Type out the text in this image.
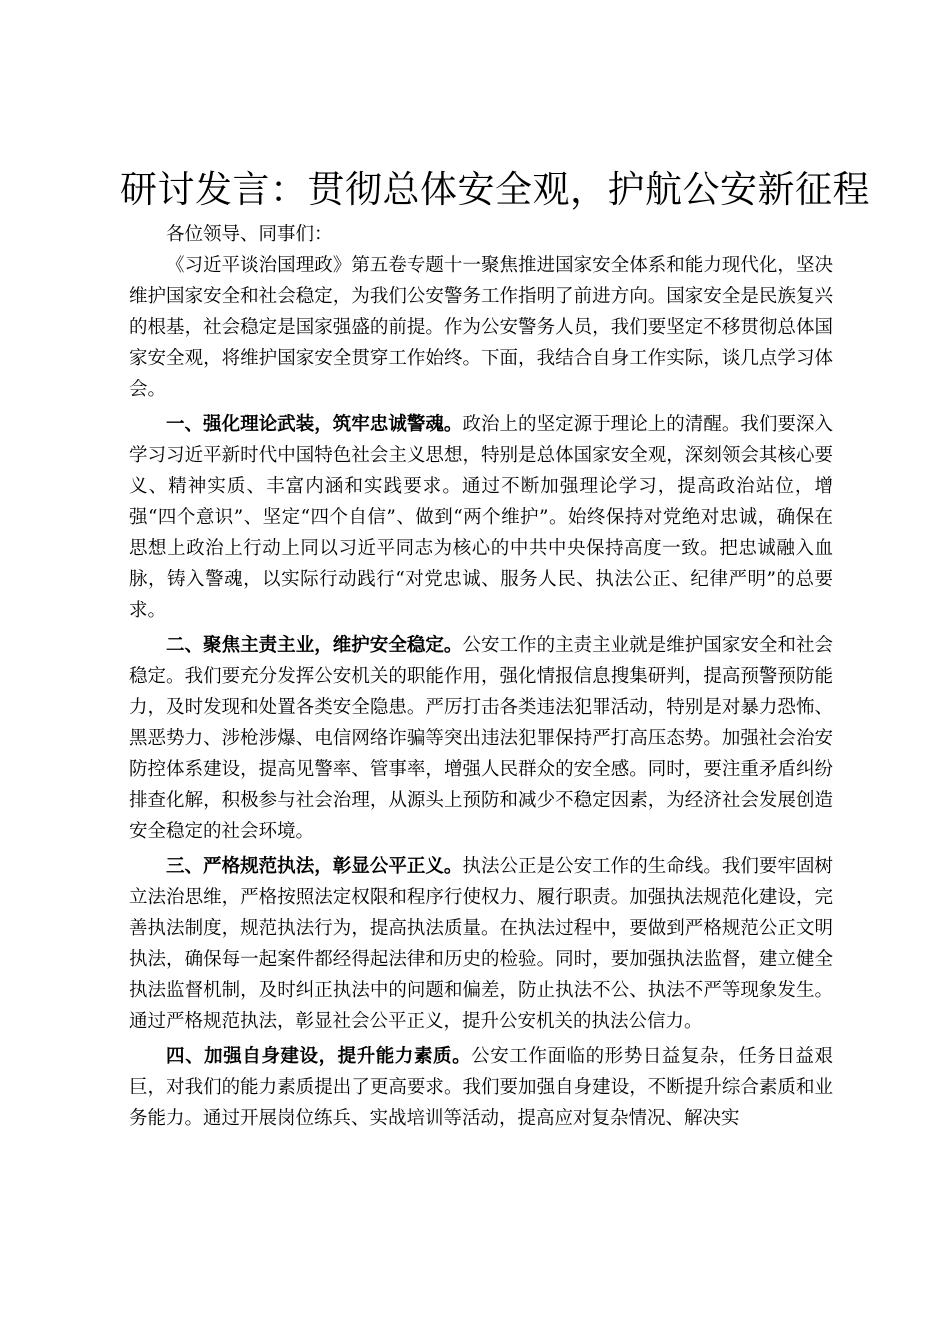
研讨发言：贯彻总体安全观，护航公安新征程

各位领导、同事们：

《习近平谈治国理政》第五卷专题十一聚焦推进国家安全体系和能力现代化，坚决维护国家安全和社会稳定，为我们公安警务工作指明了前进方向。国家安全是民族复兴的根基，社会稳定是国家强盛的前提。作为公安警务人员，我们要坚定不移贯彻总体国家安全观，将维护国家安全贯穿工作始终。下面，我结合自身工作实际，谈几点学习体会。

一、强化理论武装，筑牢忠诚警魂。政治上的坚定源于理论上的清醒。我们要深入学习习近平新时代中国特色社会主义思想，特别是总体国家安全观，深刻领会其核心要义、精神实质、丰富内涵和实践要求。通过不断加强理论学习，提高政治站位，增强“四个意识”、坚定“四个自信”、做到“两个维护”。始终保持对党绝对忠诚，确保在思想上政治上行动上同以习近平同志为核心的中共中央保持高度一致。把忠诚融入血脉，铸入警魂，以实际行动践行“对党忠诚、服务人民、执法公正、纪律严明”的总要求。

二、聚焦主责主业，维护安全稳定。公安工作的主责主业就是维护国家安全和社会稳定。我们要充分发挥公安机关的职能作用，强化情报信息搜集研判，提高预警预防能力，及时发现和处置各类安全隐患。严厉打击各类违法犯罪活动，特别是对暴力恐怖、黑恶势力、涉枪涉爆、电信网络诈骗等突出违法犯罪保持严打高压态势。加强社会治安防控体系建设，提高见警率、管事率，增强人民群众的安全感。同时，要注重矛盾纠纷排查化解，积极参与社会治理，从源头上预防和减少不稳定因素，为经济社会发展创造安全稳定的社会环境。

三、严格规范执法，彰显公平正义。执法公正是公安工作的生命线。我们要牢固树立法治思维，严格按照法定权限和程序行使权力、履行职责。加强执法规范化建设，完善执法制度，规范执法行为，提高执法质量。在执法过程中，要做到严格规范公正文明执法，确保每一起案件都经得起法律和历史的检验。同时，要加强执法监督，建立健全执法监督机制，及时纠正执法中的问题和偏差，防止执法不公、执法不严等现象发生。通过严格规范执法，彰显社会公平正义，提升公安机关的执法公信力。

四、加强自身建设，提升能力素质。公安工作面临的形势日益复杂，任务日益艰巨，对我们的能力素质提出了更高要求。我们要加强自身建设，不断提升综合素质和业务能力。通过开展岗位练兵、实战培训等活动，提高应对复杂情况、解决实
